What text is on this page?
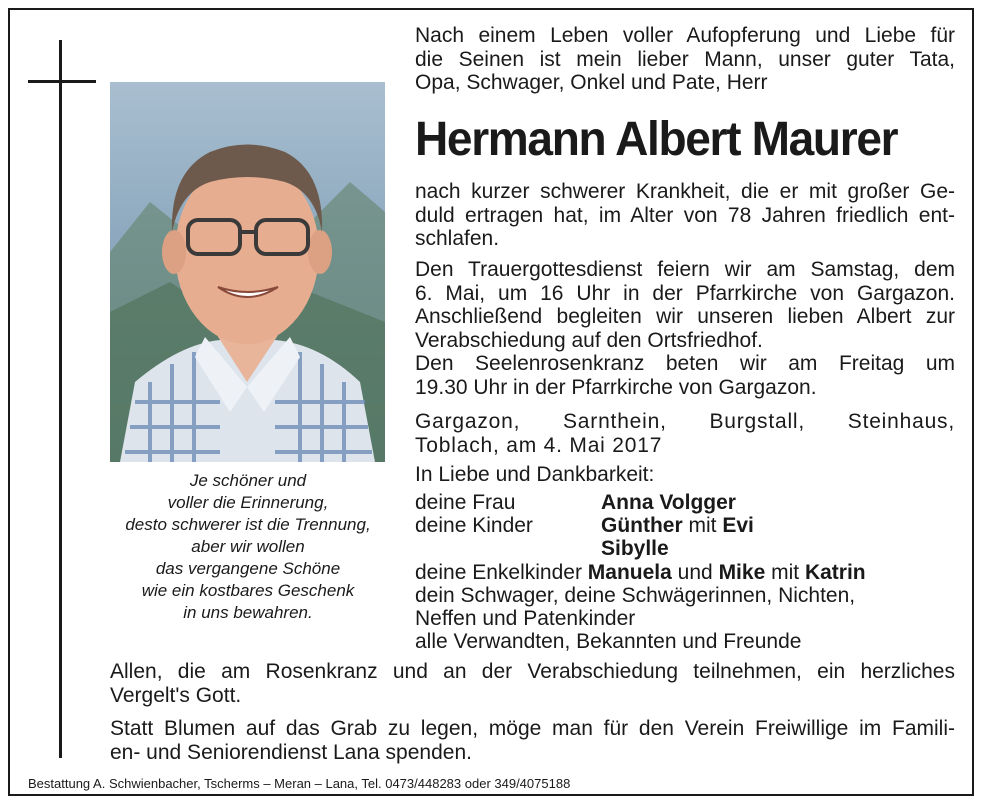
Je schöner und
voller die Erinnerung,
desto schwerer ist die Trennung,
aber wir wollen
das vergangene Schöne
wie ein kostbares Geschenk
in uns bewahren.
Nach einem Leben voller Aufopferung und Liebe für
die Seinen ist mein lieber Mann, unser guter Tata,
Opa, Schwager, Onkel und Pate, Herr
Hermann Albert Maurer
nach kurzer schwerer Krankheit, die er mit großer Ge-
duld ertragen hat, im Alter von 78 Jahren friedlich ent-
schlafen.
Den Trauergottesdienst feiern wir am Samstag, dem
6. Mai, um 16 Uhr in der Pfarrkirche von Gargazon.
Anschließend begleiten wir unseren lieben Albert zur
Verabschiedung auf den Ortsfriedhof.
Den Seelenrosenkranz beten wir am Freitag um
19.30 Uhr in der Pfarrkirche von Gargazon.
Gargazon, Sarnthein, Burgstall, Steinhaus,
Toblach, am 4. Mai 2017
In Liebe und Dankbarkeit:
deine Frau	Anna Volgger
deine Kinder	Günther mit Evi
Sibylle
deine Enkelkinder Manuela und Mike mit Katrin
dein Schwager, deine Schwägerinnen, Nichten,
Neffen und Patenkinder
alle Verwandten, Bekannten und Freunde
Allen, die am Rosenkranz und an der Verabschiedung teilnehmen, ein herzliches
Vergelt's Gott.
Statt Blumen auf das Grab zu legen, möge man für den Verein Freiwillige im Famili-
en- und Seniorendienst Lana spenden.
Bestattung A. Schwienbacher, Tscherms – Meran – Lana, Tel. 0473/448283 oder 349/4075188
